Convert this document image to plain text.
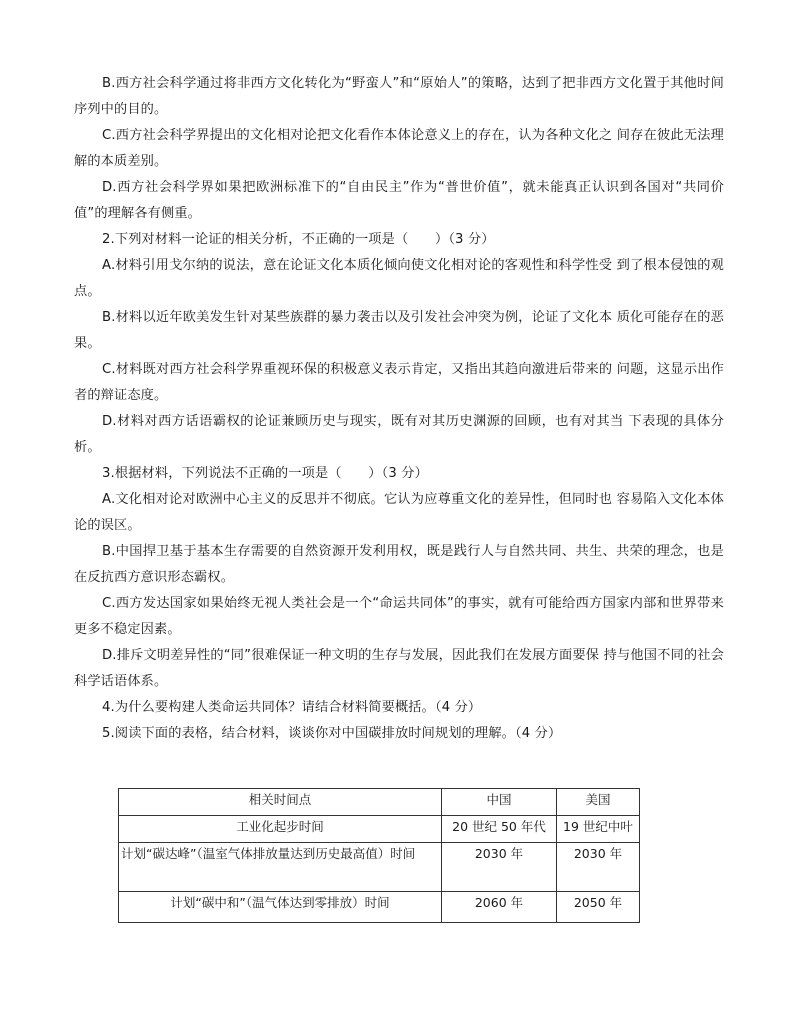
B.西方社会科学通过将非西方文化转化为“野蛮人”和“原始人”的策略，达到了把非西方文化置于其他时间序列中的目的。

C.西方社会科学界提出的文化相对论把文化看作本体论意义上的存在，认为各种文化之 间存在彼此无法理解的本质差别。

D.西方社会科学界如果把欧洲标准下的“自由民主”作为“普世价值”，就未能真正认识到各国对“共同价值”的理解各有侧重。

2.下列对材料一论证的相关分析，不正确的一项是（　　）（3 分）

A.材料引用戈尔纳的说法，意在论证文化本质化倾向使文化相对论的客观性和科学性受 到了根本侵蚀的观点。

B.材料以近年欧美发生针对某些族群的暴力袭击以及引发社会冲突为例，论证了文化本 质化可能存在的恶果。

C.材料既对西方社会科学界重视环保的积极意义表示肯定，又指出其趋向激进后带来的 问题，这显示出作者的辩证态度。

D.材料对西方话语霸权的论证兼顾历史与现实，既有对其历史渊源的回顾，也有对其当 下表现的具体分析。

3.根据材料，下列说法不正确的一项是（　　）（3 分）

A.文化相对论对欧洲中心主义的反思并不彻底。它认为应尊重文化的差异性，但同时也 容易陷入文化本体论的误区。

B.中国捍卫基于基本生存需要的自然资源开发利用权，既是践行人与自然共同、共生、共荣的理念，也是在反抗西方意识形态霸权。

C.西方发达国家如果始终无视人类社会是一个“命运共同体”的事实，就有可能给西方国家内部和世界带来更多不稳定因素。

D.排斥文明差异性的“同”很难保证一种文明的生存与发展，因此我们在发展方面要保 持与他国不同的社会科学话语体系。

4.为什么要构建人类命运共同体？请结合材料简要概括。（4 分）

5.阅读下面的表格，结合材料，谈谈你对中国碳排放时间规划的理解。（4 分）

相关时间点	中国	美国
工业化起步时间	20 世纪 50 年代	19 世纪中叶
计划“碳达峰”（温室气体排放量达到历史最高值）时间	2030 年	2030 年
计划“碳中和”（温气体达到零排放）时间	2060 年	2050 年
